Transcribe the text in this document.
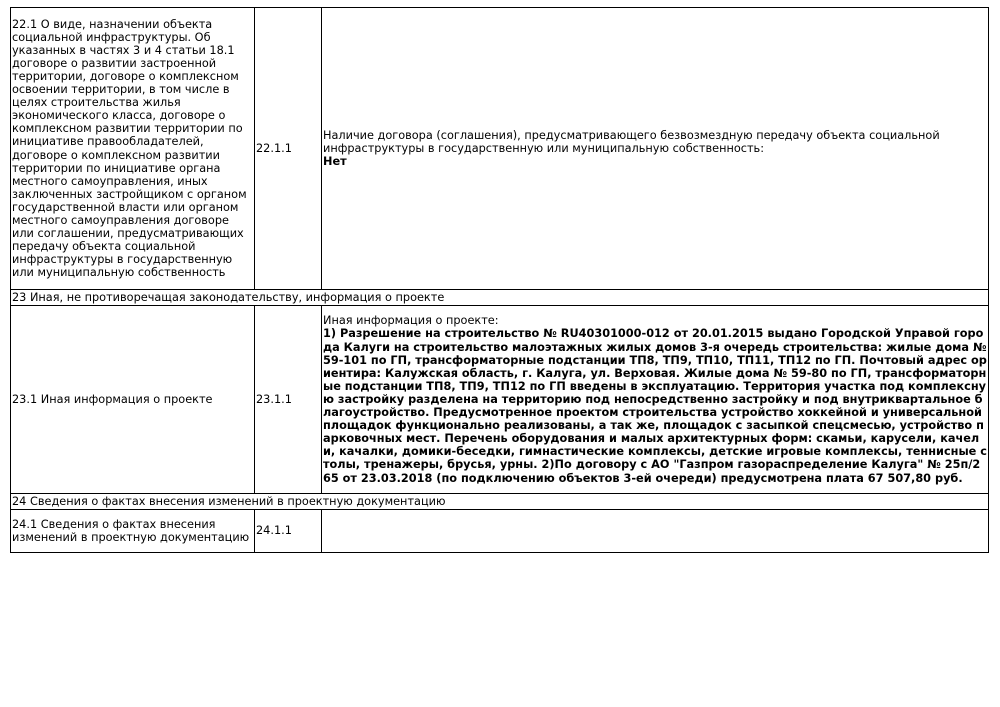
22.1 О виде, назначении объекта социальной инфраструктуры. Об указанных в частях 3 и 4 статьи 18.1 договоре о развитии застроенной территории, договоре о комплексном освоении территории, в том числе в целях строительства жилья экономического класса, договоре о комплексном развитии территории по инициативе правообладателей, договоре о комплексном развитии территории по инициативе органа местного самоуправления, иных заключенных застройщиком с органом государственной власти или органом местного самоуправления договоре или соглашении, предусматривающих передачу объекта социальной инфраструктуры в государственную или муниципальную собственность	22.1.1	Наличие договора (соглашения), предусматривающего безвозмездную передачу объекта социальной инфраструктуры в государственную или муниципальную собственность:
Нет

23 Иная, не противоречащая законодательству, информация о проекте		
23.1 Иная информация о проекте	23.1.1	Иная информация о проекте:
1) Разрешение на строительство № RU40301000-012 от 20.01.2015 выдано Городской Управой города Калуги на строительство малоэтажных жилых домов 3-я очередь строительства: жилые дома № 59-101 по ГП, трансформаторные подстанции ТП8, ТП9, ТП10, ТП11, ТП12 по ГП. Почтовый адрес ориентира: Калужская область, г. Калуга, ул. Верховая. Жилые дома № 59-80 по ГП, трансформаторные подстанции ТП8, ТП9, ТП12 по ГП введены в эксплуатацию. Территория участка под комплексную застройку разделена на территорию под непосредственно застройку и под внутриквартальное благоустройство. Предусмотренное проектом строительства устройство хоккейной и универсальной площадок функционально реализованы, а так же, площадок с засыпкой спецсмесью, устройство парковочных мест. Перечень оборудования и малых архитектурных форм: скамьи, карусели, качели, качалки, домики-беседки, гимнастические комплексы, детские игровые комплексы, теннисные столы, тренажеры, брусья, урны. 2)По договору с АО "Газпром газораспределение Калуга" № 25п/265 от 23.03.2018 (по подключению объектов 3-ей очереди) предусмотрена плата 67 507,80 руб.

24 Сведения о фактах внесения изменений в проектную документацию		
24.1 Сведения о фактах внесения изменений в проектную документацию	24.1.1	
